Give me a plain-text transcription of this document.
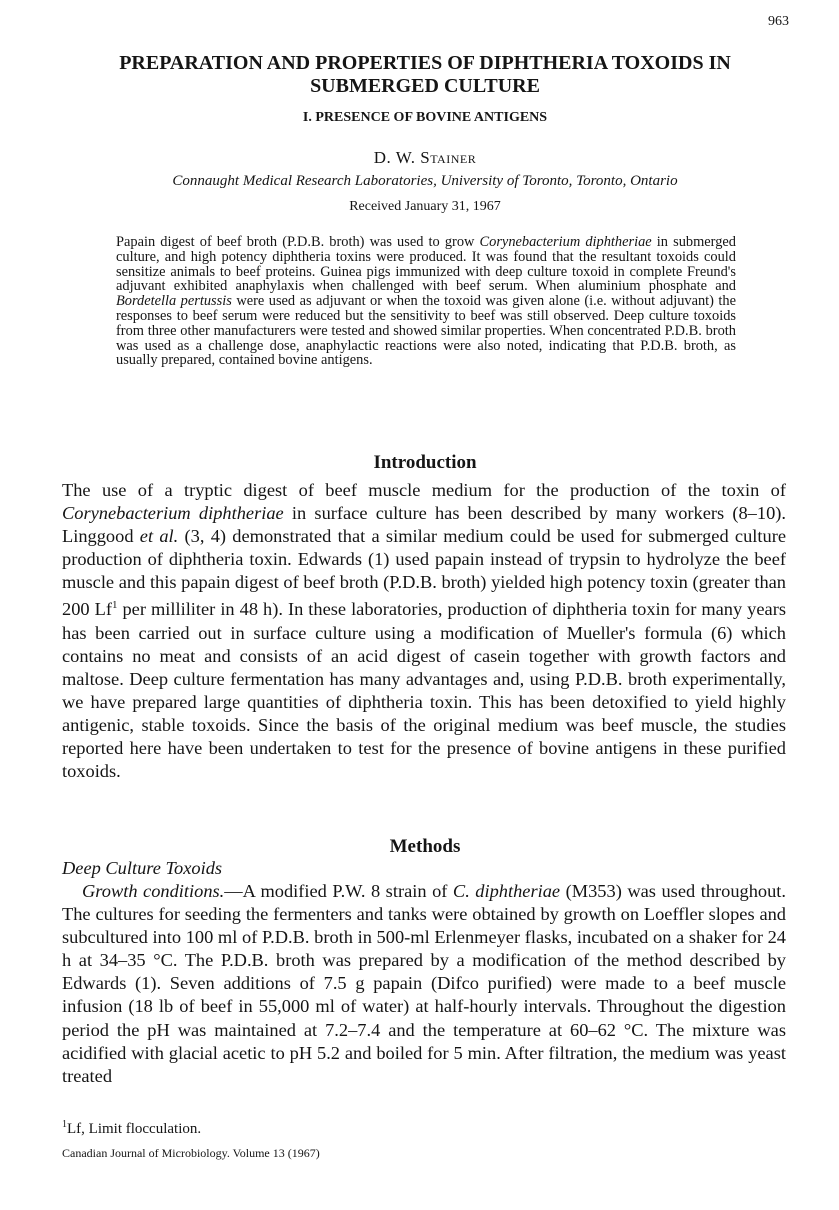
963
PREPARATION AND PROPERTIES OF DIPHTHERIA TOXOIDS IN SUBMERGED CULTURE
I. PRESENCE OF BOVINE ANTIGENS
D. W. Stainer
Connaught Medical Research Laboratories, University of Toronto, Toronto, Ontario
Received January 31, 1967

Papain digest of beef broth (P.D.B. broth) was used to grow Corynebacterium diphtheriae in submerged culture, and high potency diphtheria toxins were produced. It was found that the resultant toxoids could sensitize animals to beef proteins. Guinea pigs immunized with deep culture toxoid in complete Freund's adjuvant exhibited anaphylaxis when challenged with beef serum. When aluminium phosphate and Bordetella pertussis were used as adjuvant or when the toxoid was given alone (i.e. without adjuvant) the responses to beef serum were reduced but the sensitivity to beef was still observed. Deep culture toxoids from three other manufacturers were tested and showed similar properties. When concentrated P.D.B. broth was used as a challenge dose, anaphylactic reactions were also noted, indicating that P.D.B. broth, as usually prepared, contained bovine antigens.

Introduction

The use of a tryptic digest of beef muscle medium for the production of the toxin of Corynebacterium diphtheriae in surface culture has been described by many workers (8–10). Linggood et al. (3, 4) demonstrated that a similar medium could be used for submerged culture production of diphtheria toxin. Edwards (1) used papain instead of trypsin to hydrolyze the beef muscle and this papain digest of beef broth (P.D.B. broth) yielded high potency toxin (greater than 200 Lf$^1$ per milliliter in 48 h). In these laboratories, production of diphtheria toxin for many years has been carried out in surface culture using a modification of Mueller's formula (6) which contains no meat and consists of an acid digest of casein together with growth factors and maltose. Deep culture fermentation has many advantages and, using P.D.B. broth experimentally, we have prepared large quantities of diphtheria toxin. This has been detoxified to yield highly antigenic, stable toxoids. Since the basis of the original medium was beef muscle, the studies reported here have been undertaken to test for the presence of bovine antigens in these purified toxoids.

Methods
Deep Culture Toxoids

Growth conditions.—A modified P.W. 8 strain of C. diphtheriae (M353) was used throughout. The cultures for seeding the fermenters and tanks were obtained by growth on Loeffler slopes and subcultured into 100 ml of P.D.B. broth in 500-ml Erlenmeyer flasks, incubated on a shaker for 24 h at 34–35 °C. The P.D.B. broth was prepared by a modification of the method described by Edwards (1). Seven additions of 7.5 g papain (Difco purified) were made to a beef muscle infusion (18 lb of beef in 55,000 ml of water) at half-hourly intervals. Throughout the digestion period the pH was maintained at 7.2–7.4 and the temperature at 60–62 °C. The mixture was acidified with glacial acetic to pH 5.2 and boiled for 5 min. After filtration, the medium was yeast treated

$^1$Lf, Limit flocculation.
Canadian Journal of Microbiology. Volume 13 (1967)
